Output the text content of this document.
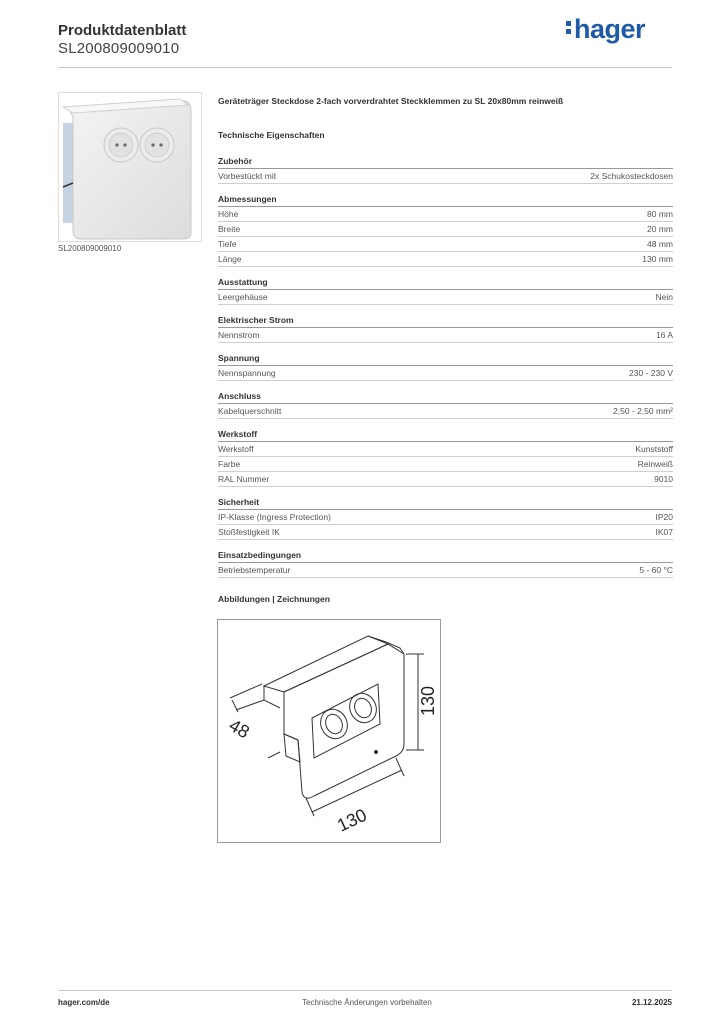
Produktdatenblatt
SL200809009010
hager
SL200809009010
Geräteträger Steckdose 2-fach vorverdrahtet Steckklemmen zu SL 20x80mm reinweiß
Technische Eigenschaften
Zubehör
Vorbestückt mit	2x Schukosteckdosen
Abmessungen
Höhe	80 mm
Breite	20 mm
Tiefe	48 mm
Länge	130 mm
Ausstattung
Leergehäuse	Nein
Elektrischer Strom
Nennstrom	16 A
Spannung
Nennspannung	230 - 230 V
Anschluss
Kabelquerschnitt	2,50 - 2,50 mm²
Werkstoff
Werkstoff	Kunststoff
Farbe	Reinweiß
RAL Nummer	9010
Sicherheit
IP-Klasse (Ingress Protection)	IP20
Stoßfestigkeit IK	IK07
Einsatzbedingungen
Betriebstemperatur	5 - 60 °C
Abbildungen | Zeichnungen
48
130
130
hager.com/de	Technische Änderungen vorbehalten	21.12.2025
